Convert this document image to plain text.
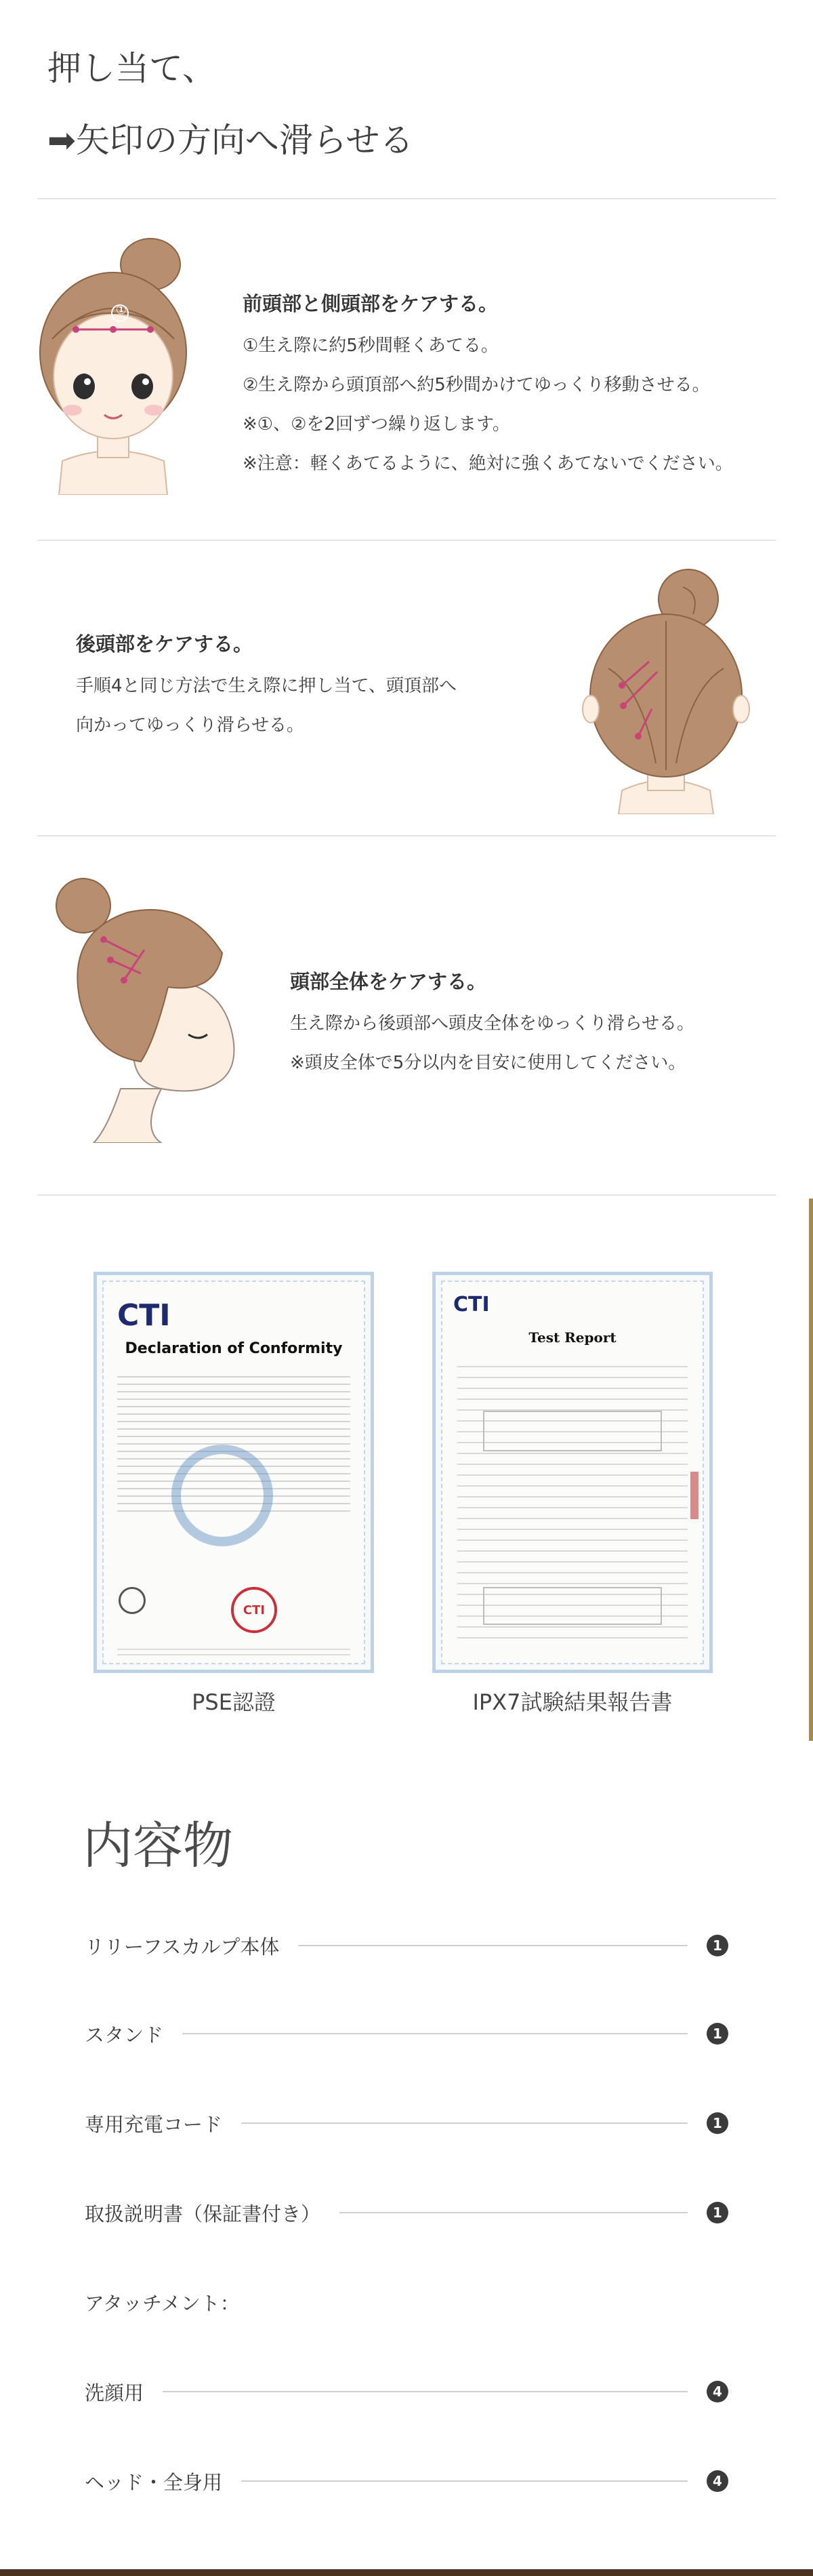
押し当て、
➡矢印の方向へ滑らせる
①	前頭部と側頭部をケアする。
①生え際に約5秒間軽くあてる。
②生え際から頭頂部へ約5秒間かけてゆっくり移動させる。
※①、②を2回ずつ繰り返します。
※注意：軽くあてるように、絶対に強くあてないでください。
後頭部をケアする。
手順4と同じ方法で生え際に押し当て、頭頂部へ
向かってゆっくり滑らせる。
頭部全体をケアする。
生え際から後頭部へ頭皮全体をゆっくり滑らせる。
※頭皮全体で5分以内を目安に使用してください。
CTI
Declaration of Conformity
CTI
CTI
Test Report
PSE認證	IPX7試験結果報告書
内容物
リリーフスカルプ本体	1
スタンド	1
専用充電コード	1
取扱説明書（保証書付き）	1
アタッチメント：
洗顔用	4
ヘッド・全身用	4
